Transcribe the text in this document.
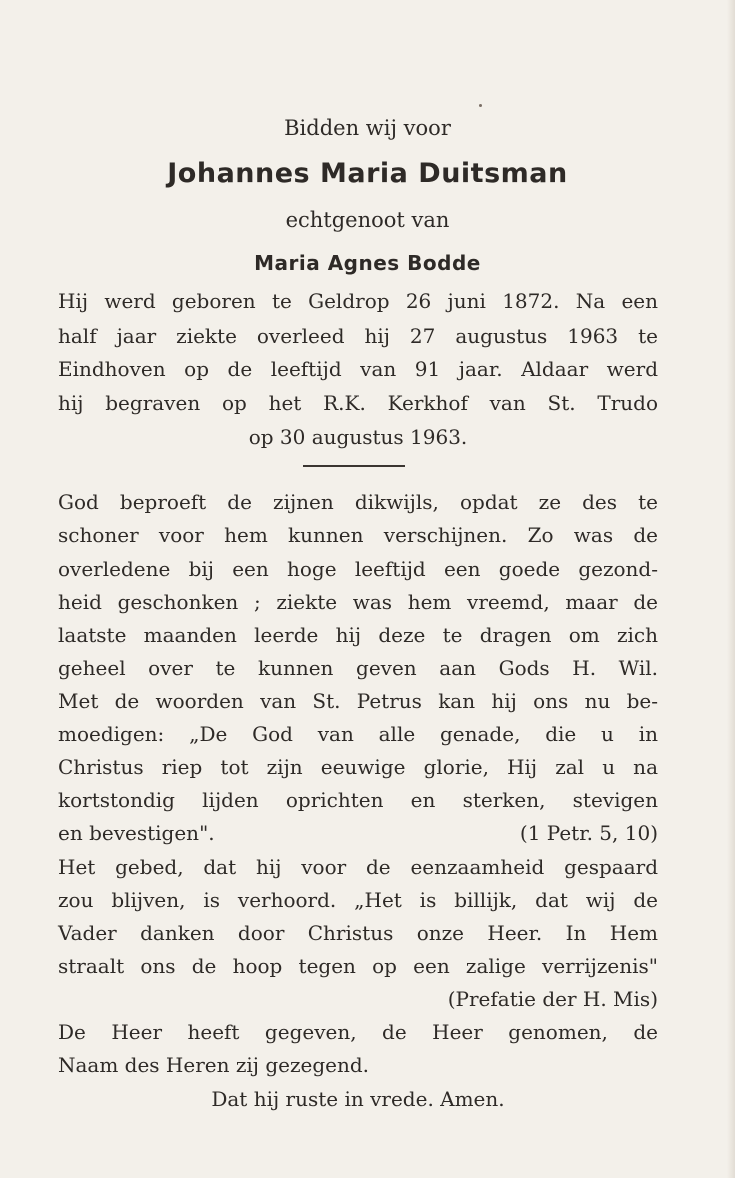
Bidden wij voor
Johannes Maria Duitsman
echtgenoot van
Maria Agnes Bodde
Hij werd geboren te Geldrop 26 juni 1872. Na een
half jaar ziekte overleed hij 27 augustus 1963 te
Eindhoven op de leeftijd van 91 jaar. Aldaar werd
hij begraven op het R.K. Kerkhof van St. Trudo
op 30 augustus 1963.
God beproeft de zijnen dikwijls, opdat ze des te
schoner voor hem kunnen verschijnen. Zo was de
overledene bij een hoge leeftijd een goede gezond-
heid geschonken ; ziekte was hem vreemd, maar de
laatste maanden leerde hij deze te dragen om zich
geheel over te kunnen geven aan Gods H. Wil.
Met de woorden van St. Petrus kan hij ons nu be-
moedigen: „De God van alle genade, die u in
Christus riep tot zijn eeuwige glorie, Hij zal u na
kortstondig lijden oprichten en sterken, stevigen
en bevestigen".	(1 Petr. 5, 10)
Het gebed, dat hij voor de eenzaamheid gespaard
zou blijven, is verhoord. „Het is billijk, dat wij de
Vader danken door Christus onze Heer. In Hem
straalt ons de hoop tegen op een zalige verrijzenis"
(Prefatie der H. Mis)
De Heer heeft gegeven, de Heer genomen, de
Naam des Heren zij gezegend.
Dat hij ruste in vrede. Amen.
